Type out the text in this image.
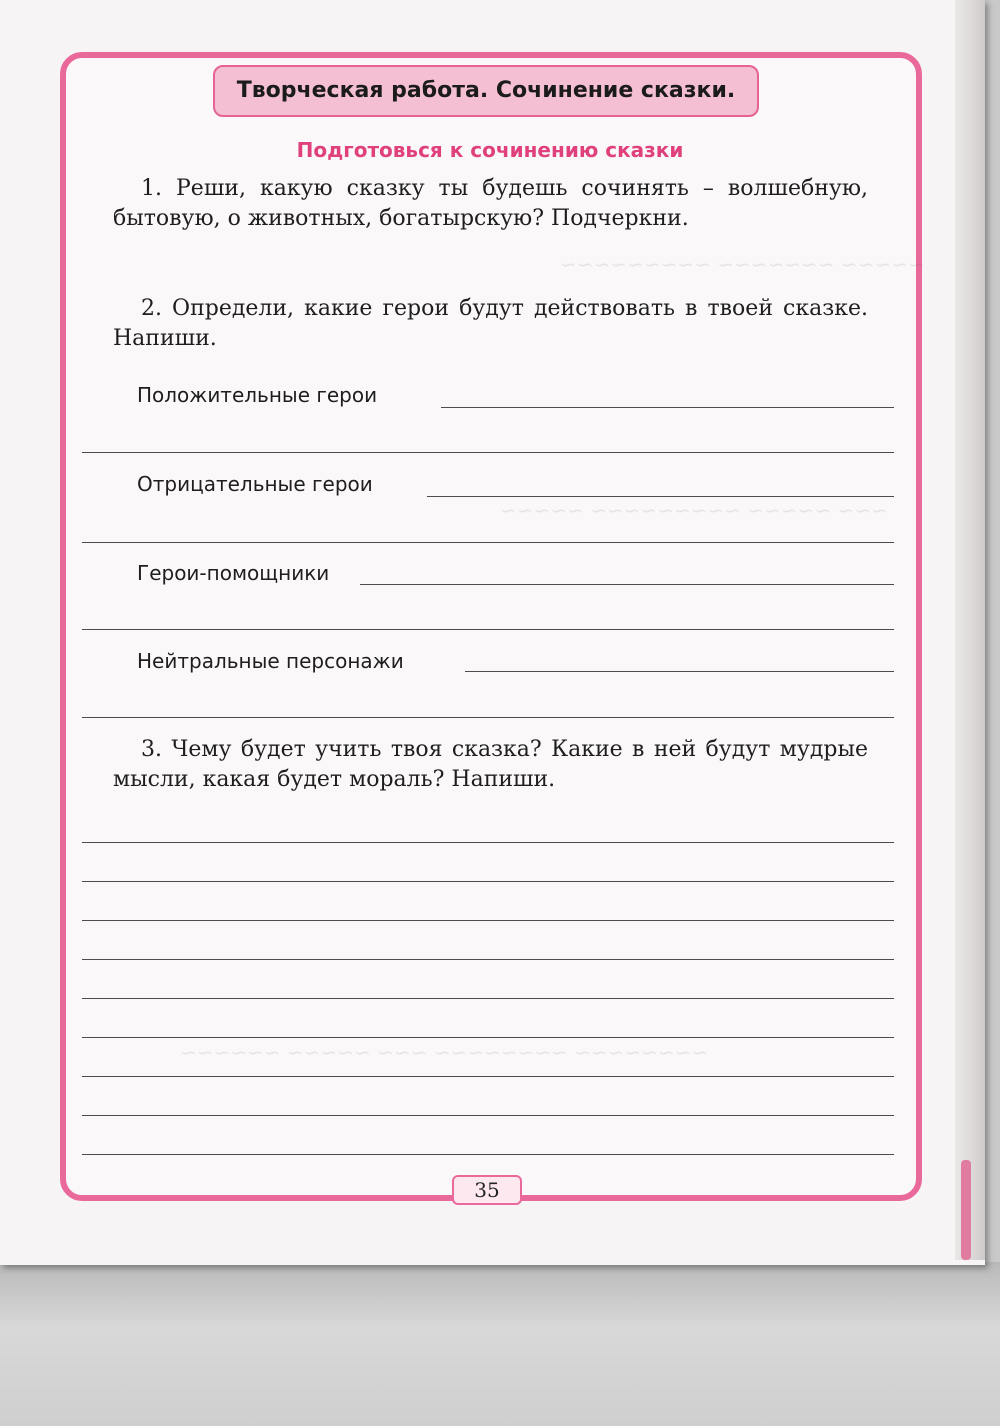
~~~~~ ~~~~~~~ ~~~~~~~~~
~~~ ~~~~~ ~~~~~~~~~ ~~~~~
~~~~~~~~ ~~~~~~~~ ~~~ ~~~~~ ~~~~~~
Творческая работа. Сочинение сказки.
Подготовься к сочинению сказки
1. Реши, какую сказку ты будешь сочинять – волшебную, бытовую, о животных, богатырскую? Подчеркни.
2. Определи, какие герои будут действовать в твоей сказке. Напиши.
Положительные герои
Отрицательные герои
Герои-помощники
Нейтральные персонажи
3. Чему будет учить твоя сказка? Какие в ней будут мудрые мысли, какая будет мораль? Напиши.
35
